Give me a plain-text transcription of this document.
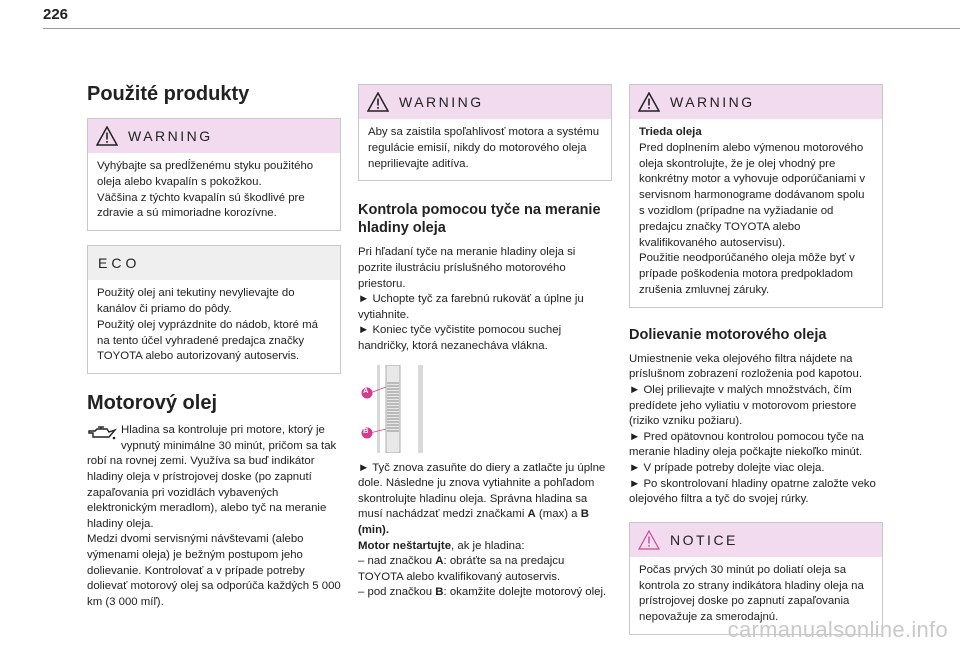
226
Použité produkty
WARNING

Vyhýbajte sa predĺženému styku použitého oleja alebo kvapalín s pokožkou.
Väčšina z týchto kvapalín sú škodlivé pre zdravie a sú mimoriadne korozívne.

ECO

Použitý olej ani tekutiny nevylievajte do kanálov či priamo do pôdy.
Použitý olej vyprázdnite do nádob, ktoré má na tento účel vyhradené predajca značky TOYOTA alebo autorizovaný autoservis.

Motorový olej

Hladina sa kontroluje pri motore, ktorý je vypnutý minimálne 30 minút, pričom sa tak robí na rovnej zemi. Využíva sa buď indikátor hladiny oleja v prístrojovej doske (po zapnutí zapaľovania pri vozidlách vybavených elektronickým meradlom), alebo tyč na meranie hladiny oleja.
Medzi dvomi servisnými návštevami (alebo výmenami oleja) je bežným postupom jeho dolievanie. Kontrolovať a v prípade potreby dolievať motorový olej sa odporúča každých 5 000 km (3 000 míľ).

WARNING

Aby sa zaistila spoľahlivosť motora a systému regulácie emisií, nikdy do motorového oleja neprilievajte aditíva.

Kontrola pomocou tyče na meranie hladiny oleja

Pri hľadaní tyče na meranie hladiny oleja si pozrite ilustráciu príslušného motorového priestoru.

► Uchopte tyč za farebnú rukoväť a úplne ju vytiahnite.

► Koniec tyče vyčistite pomocou suchej handričky, ktorá nezanecháva vlákna.

A
B

► Tyč znova zasuňte do diery a zatlačte ju úplne dole. Následne ju znova vytiahnite a pohľadom skontrolujte hladinu oleja. Správna hladina sa musí nachádzať medzi značkami A (max) a B (min).

Motor neštartujte, ak je hladina:

– nad značkou A: obráťte sa na predajcu TOYOTA alebo kvalifikovaný autoservis.

– pod značkou B: okamžite dolejte motorový olej.

WARNING

Trieda oleja

Pred doplnením alebo výmenou motorového oleja skontrolujte, že je olej vhodný pre konkrétny motor a vyhovuje odporúčaniami v servisnom harmonograme dodávanom spolu s vozidlom (prípadne na vyžiadanie od predajcu značky TOYOTA alebo kvalifikovaného autoservisu).
Použitie neodporúčaného oleja môže byť v prípade poškodenia motora predpokladom zrušenia zmluvnej záruky.

Dolievanie motorového oleja

Umiestnenie veka olejového filtra nájdete na príslušnom zobrazení rozloženia pod kapotou.
► Olej prilievajte v malých množstvách, čím predídete jeho vyliatiu v motorovom priestore (riziko vzniku požiaru).
► Pred opätovnou kontrolou pomocou tyče na meranie hladiny oleja počkajte niekoľko minút.
► V prípade potreby dolejte viac oleja.
► Po skontrolovaní hladiny opatrne založte veko olejového filtra a tyč do svojej rúrky.

NOTICE

Počas prvých 30 minút po doliatí oleja sa kontrola zo strany indikátora hladiny oleja na prístrojovej doske po zapnutí zapaľovania nepovažuje za smerodajnú.

carmanualsonline.info
